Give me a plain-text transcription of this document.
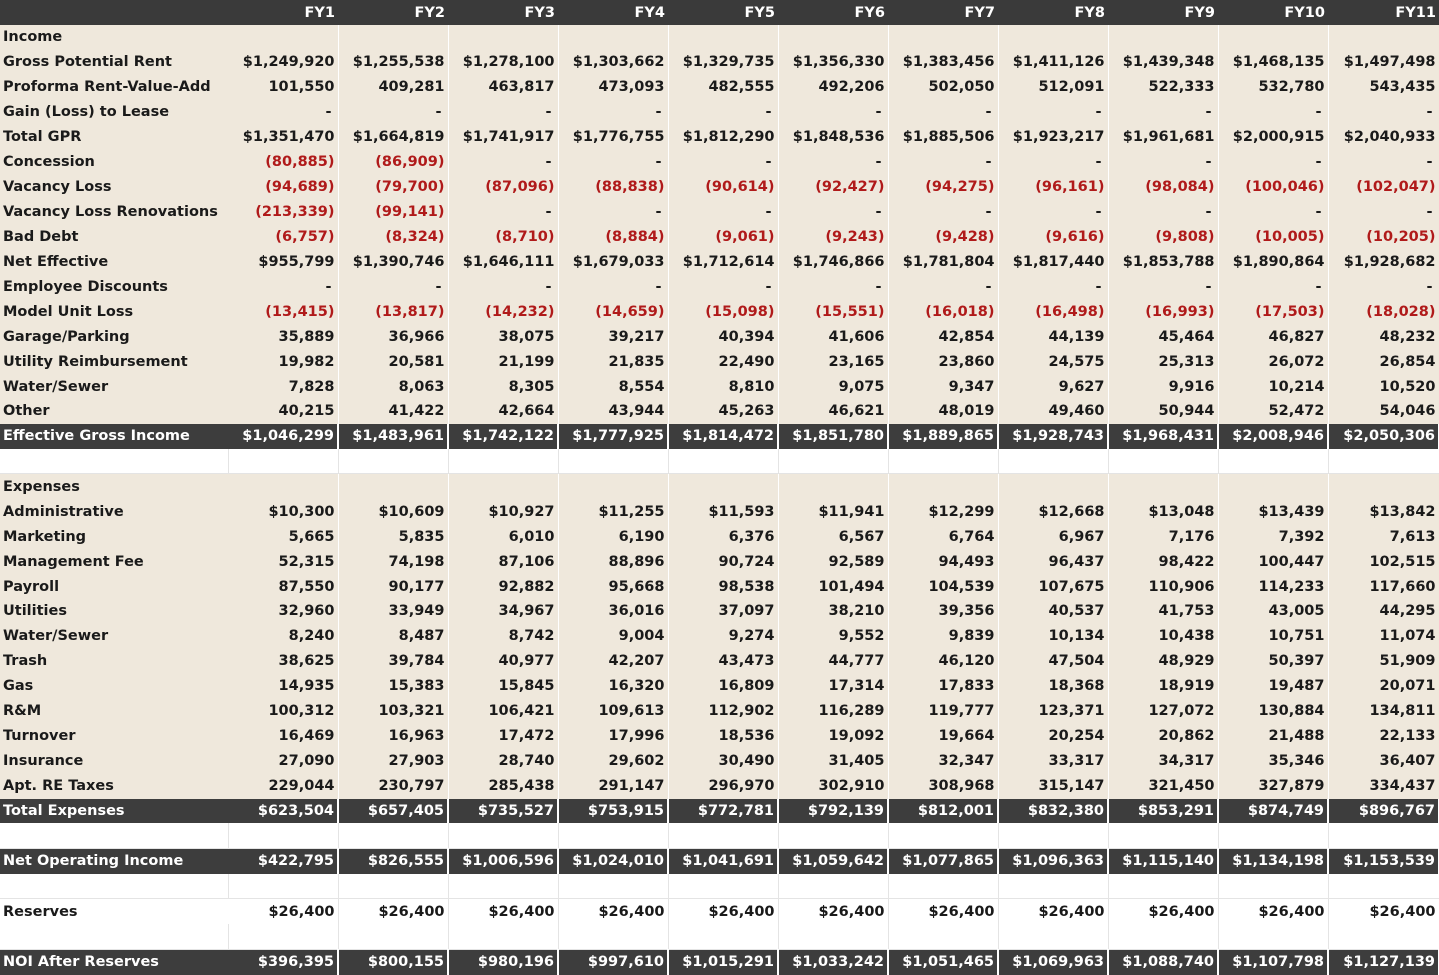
	FY1	FY2	FY3	FY4	FY5	FY6	FY7	FY8	FY9	FY10	FY11
Income											
Gross Potential Rent	$1,249,920	$1,255,538	$1,278,100	$1,303,662	$1,329,735	$1,356,330	$1,383,456	$1,411,126	$1,439,348	$1,468,135	$1,497,498
Proforma Rent-Value-Add	101,550	409,281	463,817	473,093	482,555	492,206	502,050	512,091	522,333	532,780	543,435
Gain (Loss) to Lease	-	-	-	-	-	-	-	-	-	-	-
Total GPR	$1,351,470	$1,664,819	$1,741,917	$1,776,755	$1,812,290	$1,848,536	$1,885,506	$1,923,217	$1,961,681	$2,000,915	$2,040,933
Concession	(80,885)	(86,909)	-	-	-	-	-	-	-	-	-
Vacancy Loss	(94,689)	(79,700)	(87,096)	(88,838)	(90,614)	(92,427)	(94,275)	(96,161)	(98,084)	(100,046)	(102,047)
Vacancy Loss Renovations	(213,339)	(99,141)	-	-	-	-	-	-	-	-	-
Bad Debt	(6,757)	(8,324)	(8,710)	(8,884)	(9,061)	(9,243)	(9,428)	(9,616)	(9,808)	(10,005)	(10,205)
Net Effective	$955,799	$1,390,746	$1,646,111	$1,679,033	$1,712,614	$1,746,866	$1,781,804	$1,817,440	$1,853,788	$1,890,864	$1,928,682
Employee Discounts	-	-	-	-	-	-	-	-	-	-	-
Model Unit Loss	(13,415)	(13,817)	(14,232)	(14,659)	(15,098)	(15,551)	(16,018)	(16,498)	(16,993)	(17,503)	(18,028)
Garage/Parking	35,889	36,966	38,075	39,217	40,394	41,606	42,854	44,139	45,464	46,827	48,232
Utility Reimbursement	19,982	20,581	21,199	21,835	22,490	23,165	23,860	24,575	25,313	26,072	26,854
Water/Sewer	7,828	8,063	8,305	8,554	8,810	9,075	9,347	9,627	9,916	10,214	10,520
Other	40,215	41,422	42,664	43,944	45,263	46,621	48,019	49,460	50,944	52,472	54,046
Effective Gross Income	$1,046,299	$1,483,961	$1,742,122	$1,777,925	$1,814,472	$1,851,780	$1,889,865	$1,928,743	$1,968,431	$2,008,946	$2,050,306

Expenses											
Administrative	$10,300	$10,609	$10,927	$11,255	$11,593	$11,941	$12,299	$12,668	$13,048	$13,439	$13,842
Marketing	5,665	5,835	6,010	6,190	6,376	6,567	6,764	6,967	7,176	7,392	7,613
Management Fee	52,315	74,198	87,106	88,896	90,724	92,589	94,493	96,437	98,422	100,447	102,515
Payroll	87,550	90,177	92,882	95,668	98,538	101,494	104,539	107,675	110,906	114,233	117,660
Utilities	32,960	33,949	34,967	36,016	37,097	38,210	39,356	40,537	41,753	43,005	44,295
Water/Sewer	8,240	8,487	8,742	9,004	9,274	9,552	9,839	10,134	10,438	10,751	11,074
Trash	38,625	39,784	40,977	42,207	43,473	44,777	46,120	47,504	48,929	50,397	51,909
Gas	14,935	15,383	15,845	16,320	16,809	17,314	17,833	18,368	18,919	19,487	20,071
R&M	100,312	103,321	106,421	109,613	112,902	116,289	119,777	123,371	127,072	130,884	134,811
Turnover	16,469	16,963	17,472	17,996	18,536	19,092	19,664	20,254	20,862	21,488	22,133
Insurance	27,090	27,903	28,740	29,602	30,490	31,405	32,347	33,317	34,317	35,346	36,407
Apt. RE Taxes	229,044	230,797	285,438	291,147	296,970	302,910	308,968	315,147	321,450	327,879	334,437
Total Expenses	$623,504	$657,405	$735,527	$753,915	$772,781	$792,139	$812,001	$832,380	$853,291	$874,749	$896,767

Net Operating Income	$422,795	$826,555	$1,006,596	$1,024,010	$1,041,691	$1,059,642	$1,077,865	$1,096,363	$1,115,140	$1,134,198	$1,153,539

Reserves	$26,400	$26,400	$26,400	$26,400	$26,400	$26,400	$26,400	$26,400	$26,400	$26,400	$26,400

NOI After Reserves	$396,395	$800,155	$980,196	$997,610	$1,015,291	$1,033,242	$1,051,465	$1,069,963	$1,088,740	$1,107,798	$1,127,139
